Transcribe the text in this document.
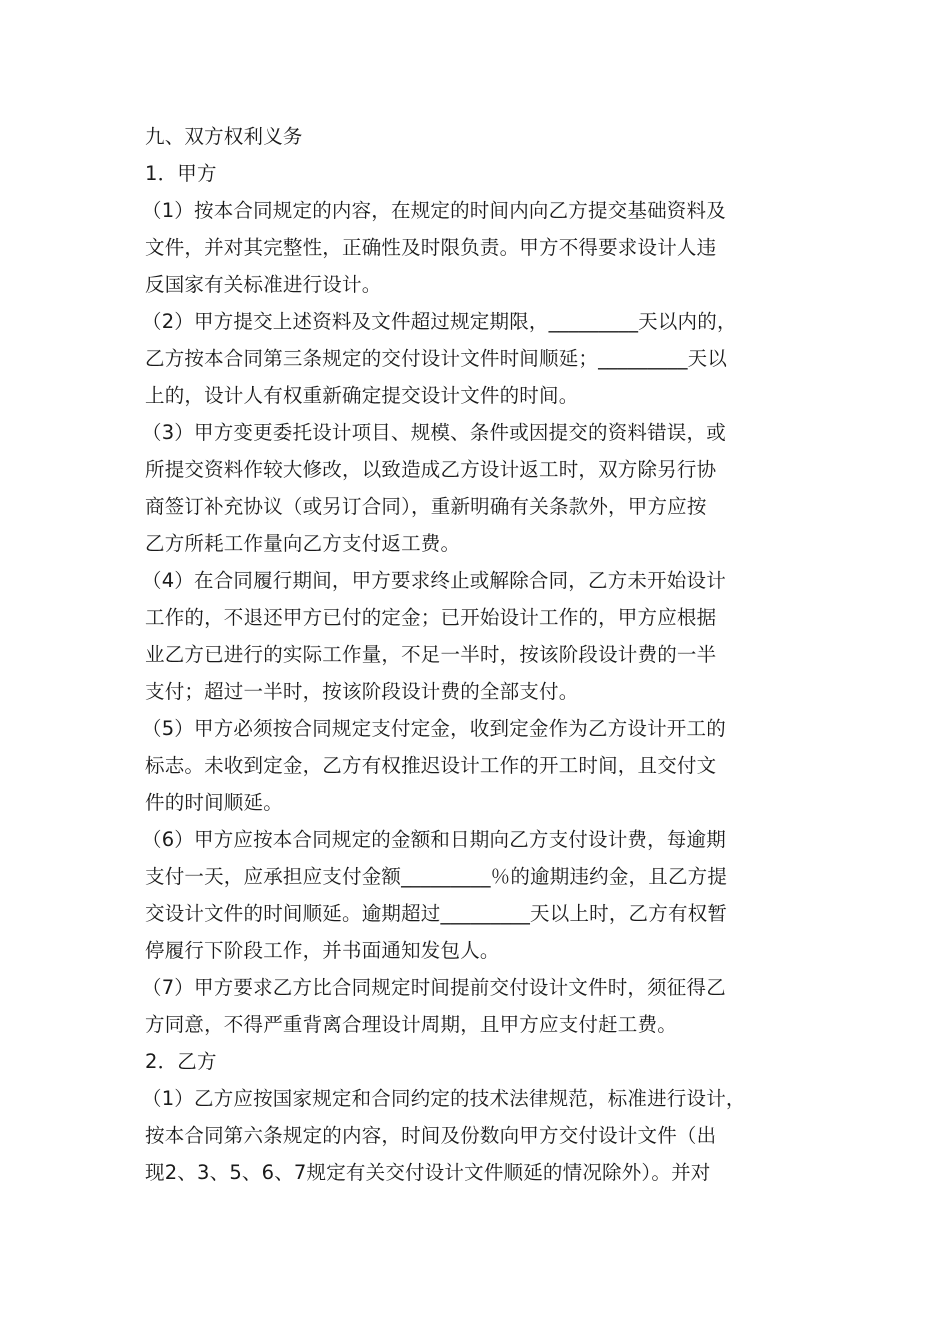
九、双方权利义务
1．甲方
（1）按本合同规定的内容，在规定的时间内向乙方提交基础资料及
文件，并对其完整性，正确性及时限负责。甲方不得要求设计人违
反国家有关标准进行设计。
（2）甲方提交上述资料及文件超过规定期限，_________天以内的，
乙方按本合同第三条规定的交付设计文件时间顺延；_________天以
上的，设计人有权重新确定提交设计文件的时间。
（3）甲方变更委托设计项目、规模、条件或因提交的资料错误，或
所提交资料作较大修改，以致造成乙方设计返工时，双方除另行协
商签订补充协议（或另订合同），重新明确有关条款外，甲方应按
乙方所耗工作量向乙方支付返工费。
（4）在合同履行期间，甲方要求终止或解除合同，乙方未开始设计
工作的，不退还甲方已付的定金；已开始设计工作的，甲方应根据
业乙方已进行的实际工作量，不足一半时，按该阶段设计费的一半
支付；超过一半时，按该阶段设计费的全部支付。
（5）甲方必须按合同规定支付定金，收到定金作为乙方设计开工的
标志。未收到定金，乙方有权推迟设计工作的开工时间，且交付文
件的时间顺延。
（6）甲方应按本合同规定的金额和日期向乙方支付设计费，每逾期
支付一天，应承担应支付金额_________％的逾期违约金，且乙方提
交设计文件的时间顺延。逾期超过_________天以上时，乙方有权暂
停履行下阶段工作，并书面通知发包人。
（7）甲方要求乙方比合同规定时间提前交付设计文件时，须征得乙
方同意，不得严重背离合理设计周期，且甲方应支付赶工费。
2．乙方
（1）乙方应按国家规定和合同约定的技术法律规范，标准进行设计，
按本合同第六条规定的内容，时间及份数向甲方交付设计文件（出
现2、3、5、6、7规定有关交付设计文件顺延的情况除外）。并对
